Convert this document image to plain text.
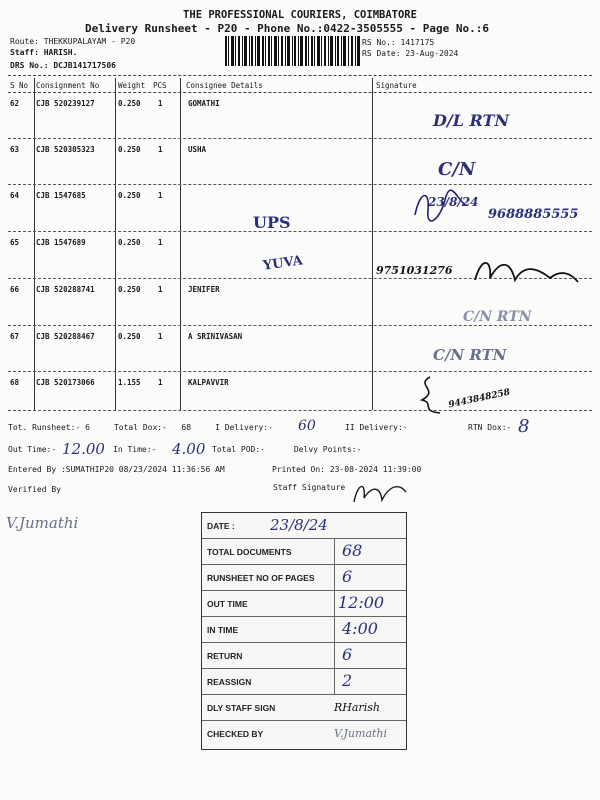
THE PROFESSIONAL COURIERS, COIMBATORE
Delivery Runsheet - P20 - Phone No.:0422-3505555 - Page No.:6
Route: THEKKUPALAYAM - P20
Staff: HARISH.
DRS No.: DCJB141717506
RS No.: 1417175
RS Date: 23-Aug-2024
S No Consignment No	Weight PCS	Consignee Details	Signature
62 CJB 520239127	0.250 1	GOMATHI
D/L RTN
63 CJB 520305323	0.250 1	USHA
C/N
64 CJB 1547685	0.250 1
UPS
23/8/24
9688885555
65 CJB 1547689	0.250 1
YUVA	9751031276
66 CJB 520288741	0.250 1	JENIFER
C/N RTN
67 CJB 520288467	0.250 1	A SRINIVASAN
C/N RTN
68 CJB 520173066	1.155 1	KALPAVVIR
9443848258
Tot. Runsheet:- 6     Total Dox:-   68     I Delivery:- 60	II Delivery:-	RTN Dox:- 8
Out Time:- 12.00 In Time:- 4.00 Total POD:-      Delvy Points:-
Entered By :SUMATHIP20 08/23/2024 11:36:56 AM	Printed On: 23-08-2024 11:39:00
Verified By	Staff Signature
V.Jumathi	DATE : 23/8/24
TOTAL DOCUMENTS	68
RUNSHEET NO OF PAGES 6
OUT TIME	12:00
IN TIME	4:00
RETURN	6
REASSIGN	2
DLY STAFF SIGN	RHarish
CHECKED BY	V.Jumathi
